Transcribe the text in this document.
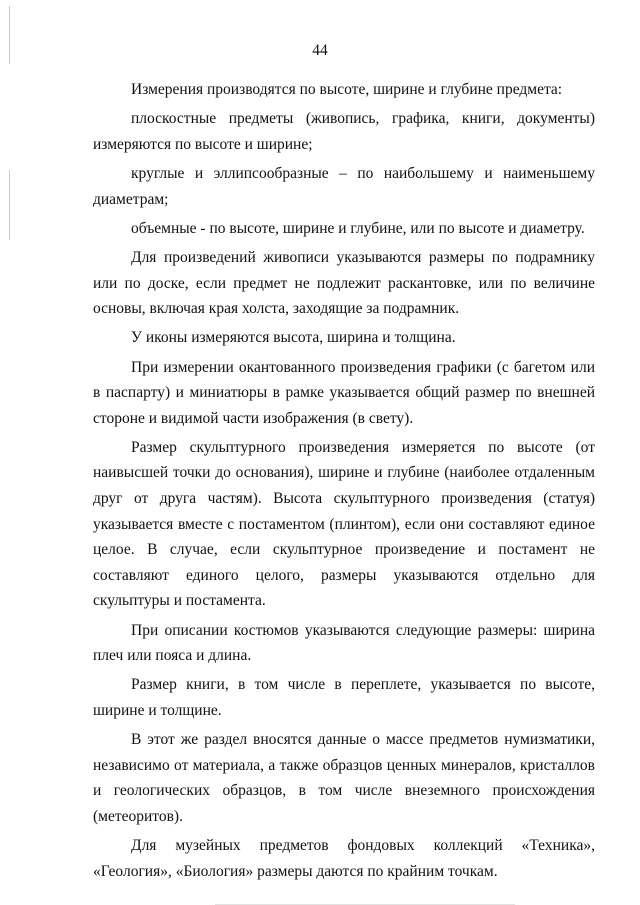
44

Измерения производятся по высоте, ширине и глубине предмета:

плоскостные предметы (живопись, графика, книги, документы) измеряются по высоте и ширине;

круглые и эллипсообразные – по наибольшему и наименьшему диаметрам;

объемные - по высоте, ширине и глубине, или по высоте и диаметру.

Для произведений живописи указываются размеры по подрамнику или по доске, если предмет не подлежит раскантовке, или по величине основы, включая края холста, заходящие за подрамник.

У иконы измеряются высота, ширина и толщина.

При измерении окантованного произведения графики (с багетом или в паспарту) и миниатюры в рамке указывается общий размер по внешней стороне и видимой части изображения (в свету).

Размер скульптурного произведения измеряется по высоте (от наивысшей точки до основания), ширине и глубине (наиболее отдаленным друг от друга частям). Высота скульптурного произведения (статуя) указывается вместе с постаментом (плинтом), если они составляют единое целое. В случае, если скульптурное произведение и постамент не составляют единого целого, размеры указываются отдельно для скульптуры и постамента.

При описании костюмов указываются следующие размеры: ширина плеч или пояса и длина.

Размер книги, в том числе в переплете, указывается по высоте, ширине и толщине.

В этот же раздел вносятся данные о массе предметов нумизматики, независимо от материала, а также образцов ценных минералов, кристаллов и геологических образцов, в том числе внеземного происхождения (метеоритов).

Для музейных предметов фондовых коллекций «Техника», «Геология», «Биология» размеры даются по крайним точкам.
